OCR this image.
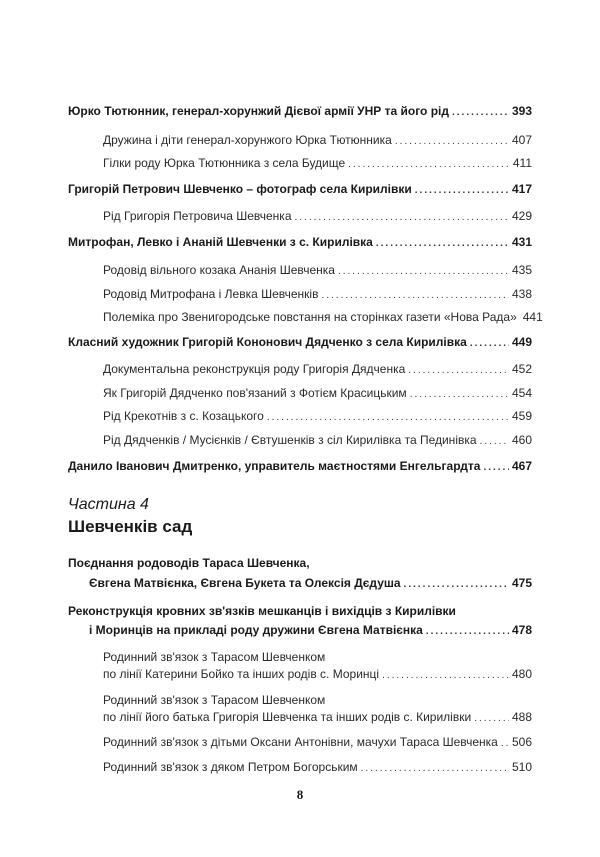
Юрко Тютюнник, генерал-хорунжий Дієвої армії УНР та його рід .....	393
Дружина і діти генерал-хорунжого Юрка Тютюнника .....	407
Гілки роду Юрка Тютюнника з села Будище .....	411
Григорій Петрович Шевченко – фотограф села Кирилівки .....	417
Рід Григорія Петровича Шевченка .....	429
Митрофан, Левко і Ананій Шевченки з с. Кирилівка .....	431
Родовід вільного козака Ананія Шевченка .....	435
Родовід Митрофана і Левка Шевченків .....	438
Полеміка про Звенигородське повстання на сторінках газети «Нова Рада» 441
Класний художник Григорій Кононович Дядченко з села Кирилівка .....	449
Документальна реконструкція роду Григорія Дядченка .....	452
Як Григорій Дядченко пов'язаний з Фотієм Красицьким .....	454
Рід Крекотнів з с. Козацького .....	459
Рід Дядченків / Мусієнків / Євтушенків з сіл Кирилівка та Пединівка .....	460
Данило Іванович Дмитренко, управитель маєтностями Енгельгардта .....	467
Частина 4
Шевченків сад
Поєднання родоводів Тараса Шевченка,
Євгена Матвієнка, Євгена Букета та Олексія Дєдуша .....	475
Реконструкція кровних зв'язків мешканців і вихідців з Кирилівки
і Моринців на прикладі роду дружини Євгена Матвієнка .....	478
Родинний зв'язок з Тарасом Шевченком
по лінії Катерини Бойко та інших родів с. Моринці .....	480
Родинний зв'язок з Тарасом Шевченком
по лінії його батька Григорія Шевченка та інших родів с. Кирилівки .....	488
Родинний зв'язок з дітьми Оксани Антонівни, мачухи Тараса Шевченка ..... 506
Родинний зв'язок з дяком Петром Богорським .....	510
8
